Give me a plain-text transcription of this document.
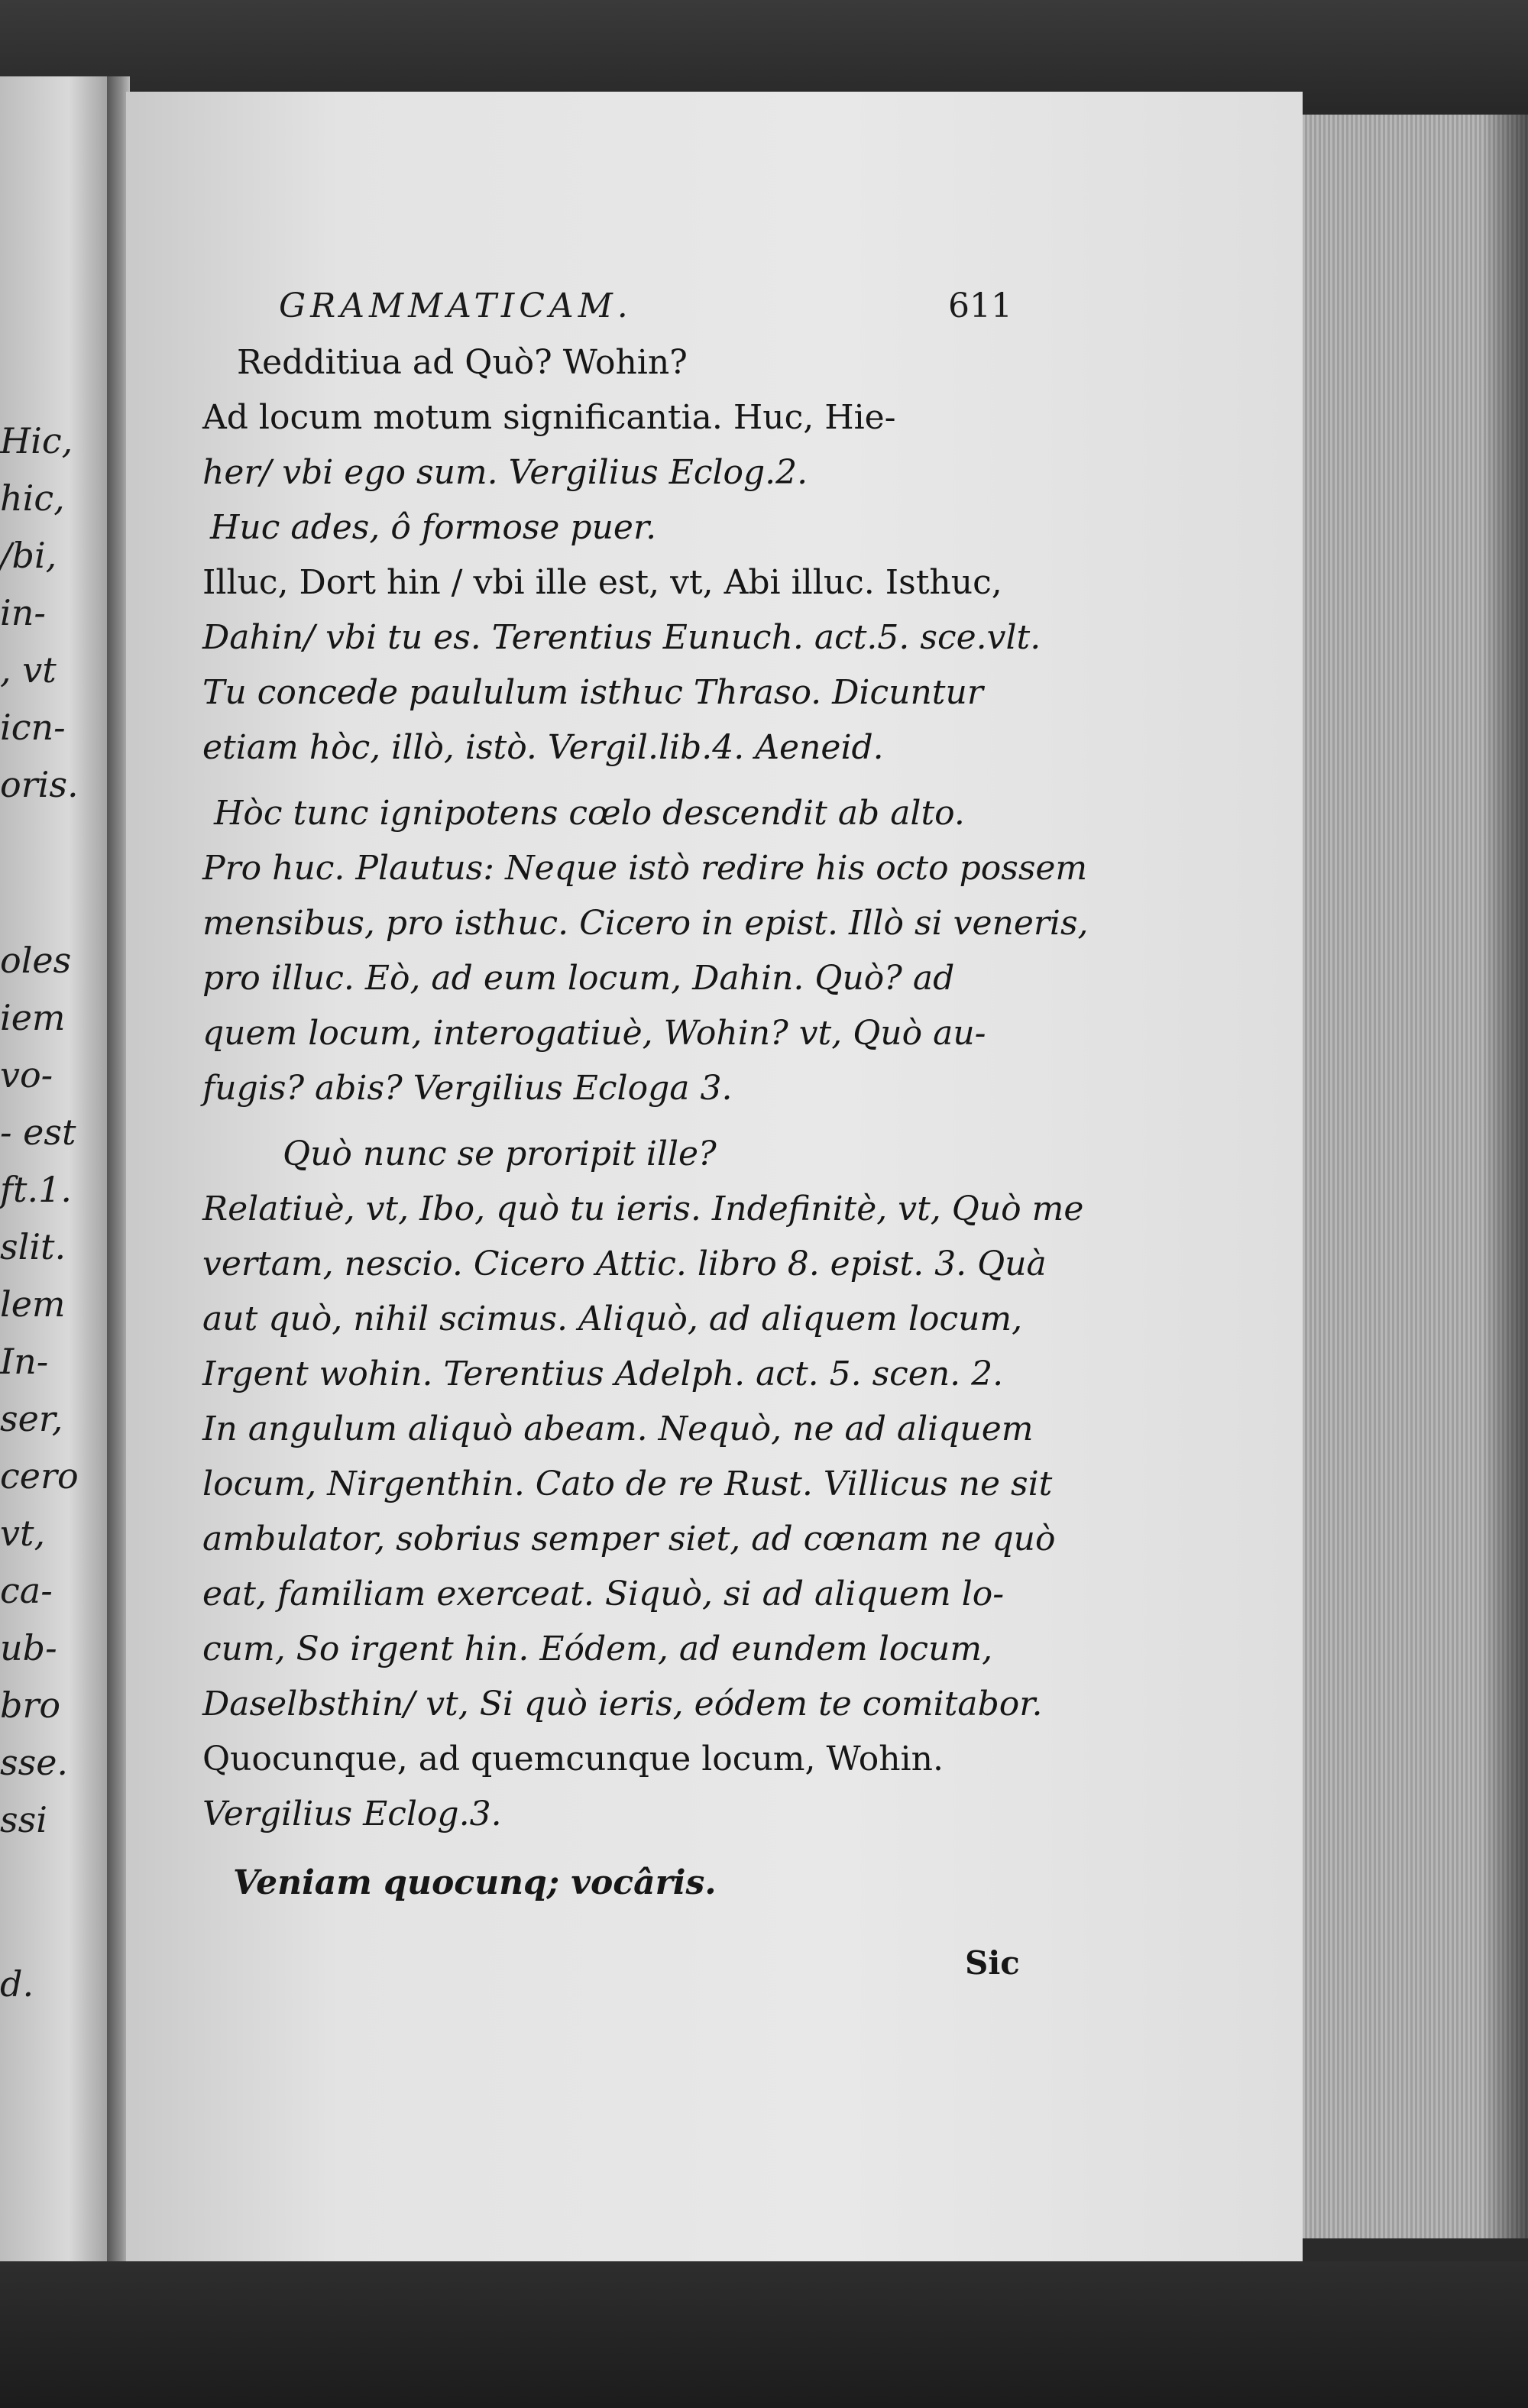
Hic,
hic,
/bi,
in-
, vt
icn-
oris.
oles
iem
vo-
- est
ft.1.
slit.
lem
In-
ser,
cero
vt,
ca-
ub-
bro
sse.
ssi
d.
GRAMMATICAM.	611
Redditiua ad Quò? Wohin?
Ad locum motum significantia. Huc, Hie-
her/ vbi ego sum. Vergilius Eclog.2.
Huc ades, ô formose puer.
Illuc, Dort hin / vbi ille est, vt, Abi illuc. Isthuc,
Dahin/ vbi tu es. Terentius Eunuch. act.5. sce.vlt.
Tu concede paululum isthuc Thraso. Dicuntur
etiam hòc, illò, istò. Vergil.lib.4. Aeneid.
Hòc tunc ignipotens cœlo descendit ab alto.
Pro huc. Plautus: Neque istò redire his octo possem
mensibus, pro isthuc. Cicero in epist. Illò si veneris,
pro illuc. Eò, ad eum locum, Dahin. Quò? ad
quem locum, interogatiuè, Wohin? vt, Quò au-
fugis? abis? Vergilius Ecloga 3.
Quò nunc se proripit ille?
Relatiuè, vt, Ibo, quò tu ieris. Indefinitè, vt, Quò me
vertam, nescio. Cicero Attic. libro 8. epist. 3. Quà
aut quò, nihil scimus. Aliquò, ad aliquem locum,
Irgent wohin. Terentius Adelph. act. 5. scen. 2.
In angulum aliquò abeam. Nequò, ne ad aliquem
locum, Nirgenthin. Cato de re Rust. Villicus ne sit
ambulator, sobrius semper siet, ad cœnam ne quò
eat, familiam exerceat. Siquò, si ad aliquem lo-
cum, So irgent hin. Eódem, ad eundem locum,
Daselbsthin/ vt, Si quò ieris, eódem te comitabor.
Quocunque, ad quemcunque locum, Wohin.
Vergilius Eclog.3.
Veniam quocunq; vocâris.
Sic
